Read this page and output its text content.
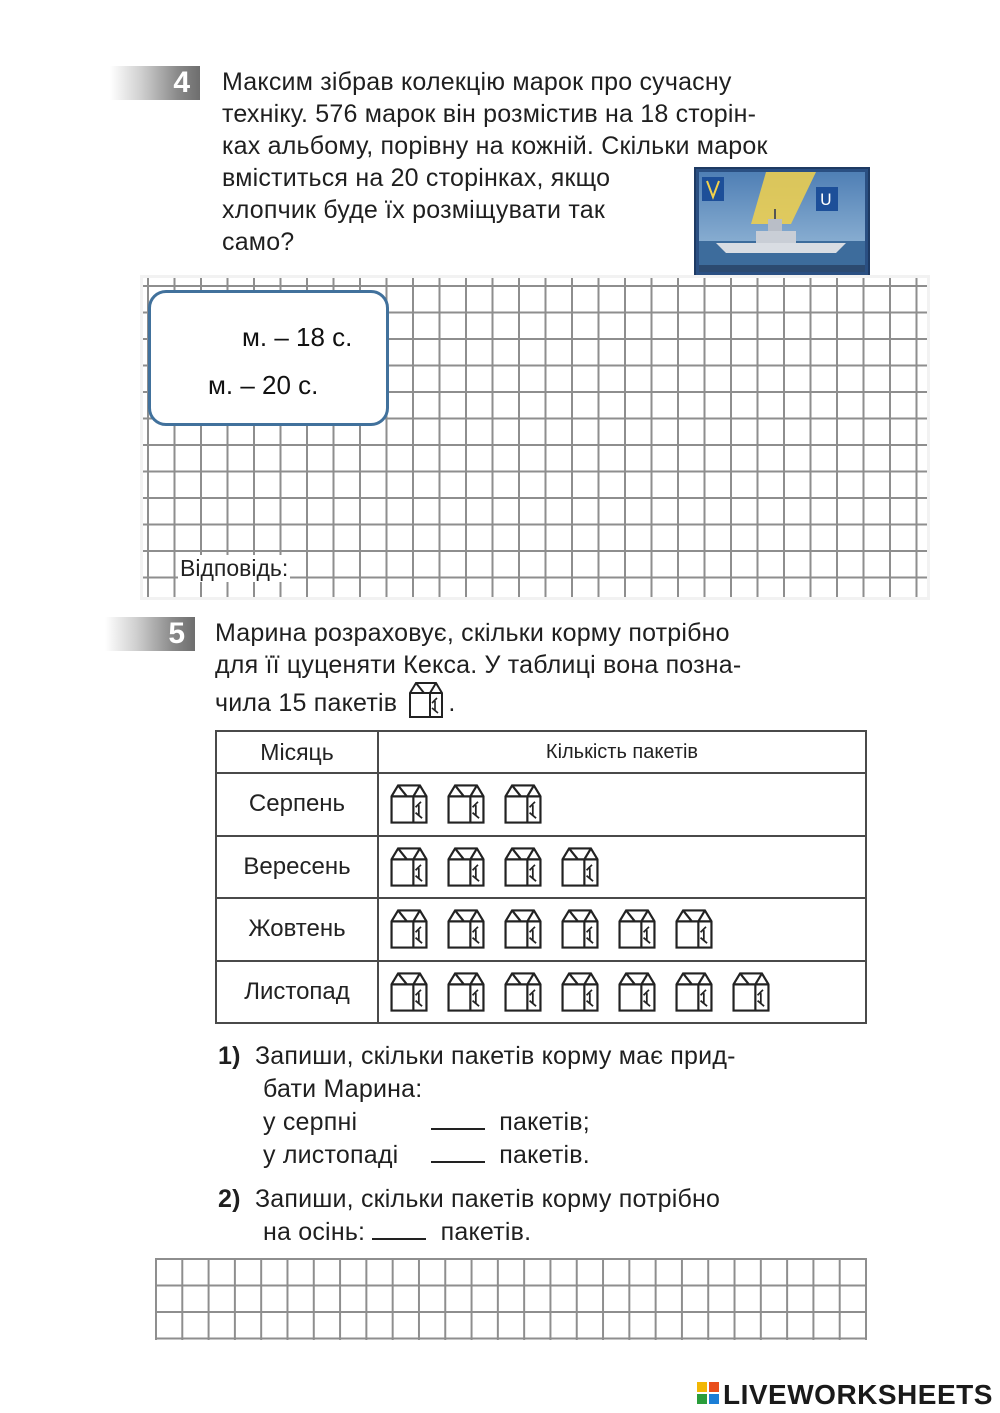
4 Максим зібрав колекцію марок про сучасну
техніку. 576 марок він розмістив на 18 сторін-
ках альбому, порівну на кожній. Скільки марок
вміститься на 20 сторінках, якщо
хлопчик буде їх розміщувати так
само?
U
м. – 18 с.
м. – 20 с.
Відповідь:
5 Марина розраховує, скільки корму потрібно
для її цуценяти Кекса. У таблиці вона позна-
чила 15 пакетів .
Місяць	Кількість пакетів
Серпень	
Вересень	
Жовтень	
Листопад	
1) Запиши, скільки пакетів корму має прид-
бати Марина:
у серпні	пакетів;
у листопаді	пакетів.
2) Запиши, скільки пакетів корму потрібно
на осінь:	пакетів.
LIVEWORKSHEETS
